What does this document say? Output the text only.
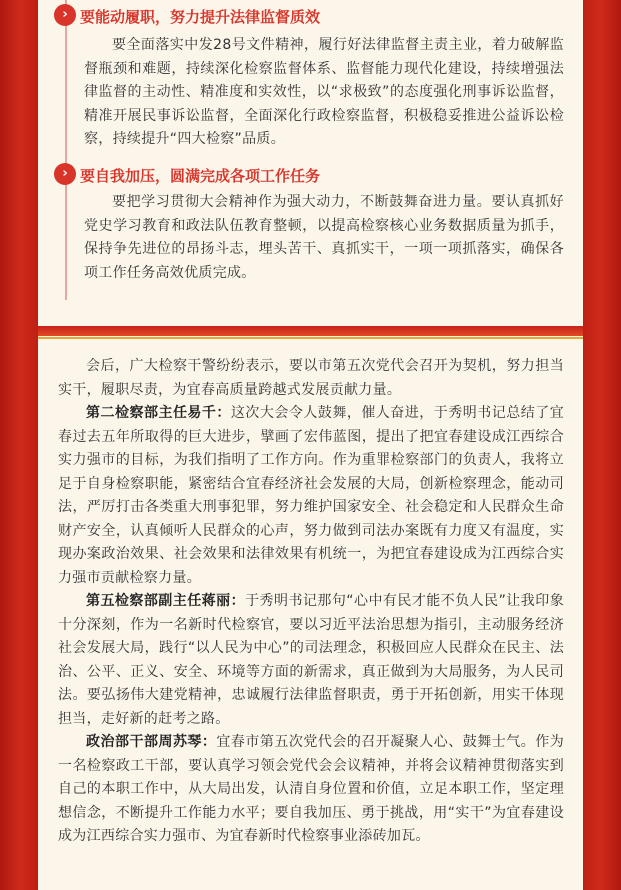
› 要能动履职，努力提升法律监督质效
要全面落实中发28号文件精神，履行好法律监督主责主业，着力破解监督瓶颈和难题，持续深化检察监督体系、监督能力现代化建设，持续增强法律监督的主动性、精准度和实效性，以“求极致”的态度强化刑事诉讼监督，精准开展民事诉讼监督，全面深化行政检察监督，积极稳妥推进公益诉讼检察，持续提升“四大检察”品质。
› 要自我加压，圆满完成各项工作任务
要把学习贯彻大会精神作为强大动力，不断鼓舞奋进力量。要认真抓好党史学习教育和政法队伍教育整顿，以提高检察核心业务数据质量为抓手，保持争先进位的昂扬斗志，埋头苦干、真抓实干，一项一项抓落实，确保各项工作任务高效优质完成。

会后，广大检察干警纷纷表示，要以市第五次党代会召开为契机，努力担当实干，履职尽责，为宜春高质量跨越式发展贡献力量。

第二检察部主任易千：这次大会令人鼓舞，催人奋进，于秀明书记总结了宜春过去五年所取得的巨大进步，擘画了宏伟蓝图，提出了把宜春建设成江西综合实力强市的目标，为我们指明了工作方向。作为重罪检察部门的负责人，我将立足于自身检察职能，紧密结合宜春经济社会发展的大局，创新检察理念，能动司法，严厉打击各类重大刑事犯罪，努力维护国家安全、社会稳定和人民群众生命财产安全，认真倾听人民群众的心声，努力做到司法办案既有力度又有温度，实现办案政治效果、社会效果和法律效果有机统一，为把宜春建设成为江西综合实力强市贡献检察力量。

第五检察部副主任蒋丽：于秀明书记那句“心中有民才能不负人民”让我印象十分深刻，作为一名新时代检察官，要以习近平法治思想为指引，主动服务经济社会发展大局，践行“以人民为中心”的司法理念，积极回应人民群众在民主、法治、公平、正义、安全、环境等方面的新需求，真正做到为大局服务，为人民司法。要弘扬伟大建党精神，忠诚履行法律监督职责，勇于开拓创新，用实干体现担当，走好新的赶考之路。

政治部干部周苏琴：宜春市第五次党代会的召开凝聚人心、鼓舞士气。作为一名检察政工干部，要认真学习领会党代会会议精神，并将会议精神贯彻落实到自己的本职工作中，从大局出发，认清自身位置和价值，立足本职工作，坚定理想信念，不断提升工作能力水平；要自我加压、勇于挑战，用“实干”为宜春建设成为江西综合实力强市、为宜春新时代检察事业添砖加瓦。
